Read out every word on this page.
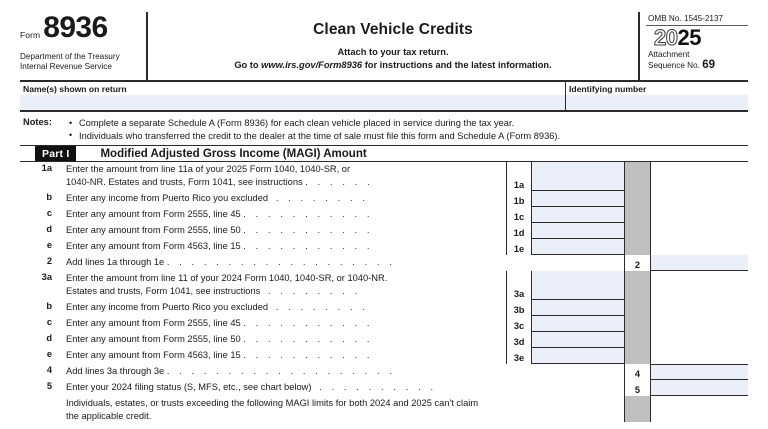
Form 8936
Department of the Treasury
Internal Revenue Service
Clean Vehicle Credits
Attach to your tax return.
Go to www.irs.gov/Form8936 for instructions and the latest information.
OMB No. 1545-2137
2025
Attachment
Sequence No. 69
Name(s) shown on return	Identifying number
Notes:	• Complete a separate Schedule A (Form 8936) for each clean vehicle placed in service during the tax year.
• Individuals who transferred the credit to the dealer at the time of sale must file this form and Schedule A (Form 8936).
Part I	Modified Adjusted Gross Income (MAGI) Amount
1a	Enter the amount from line 11a of your 2025 Form 1040, 1040-SR, or
1040-NR. Estates and trusts, Form 1041, see instructions . . . . . .	1a
b	Enter any income from Puerto Rico you excluded . . . . . . . .	1b
c	Enter any amount from Form 2555, line 45 . . . . . . . . . . .	1c
d	Enter any amount from Form 2555, line 50 . . . . . . . . . . .	1d
e	Enter any amount from Form 4563, line 15 . . . . . . . . . . .	1e
2	Add lines 1a through 1e . . . . . . . . . . . . . . . . . . .	2
3a	Enter the amount from line 11 of your 2024 Form 1040, 1040-SR, or 1040-NR.
Estates and trusts, Form 1041, see instructions . . . . . . . .	3a
b	Enter any income from Puerto Rico you excluded . . . . . . . .	3b
c	Enter any amount from Form 2555, line 45 . . . . . . . . . . .	3c
d	Enter any amount from Form 2555, line 50 . . . . . . . . . . .	3d
e	Enter any amount from Form 4563, line 15 . . . . . . . . . . .	3e
4	Add lines 3a through 3e . . . . . . . . . . . . . . . . . . .	4
5	Enter your 2024 filing status (S, MFS, etc., see chart below) . . . . . . . . . .	5
Individuals, estates, or trusts exceeding the following MAGI limits for both 2024 and 2025 can't claim
the applicable credit.
